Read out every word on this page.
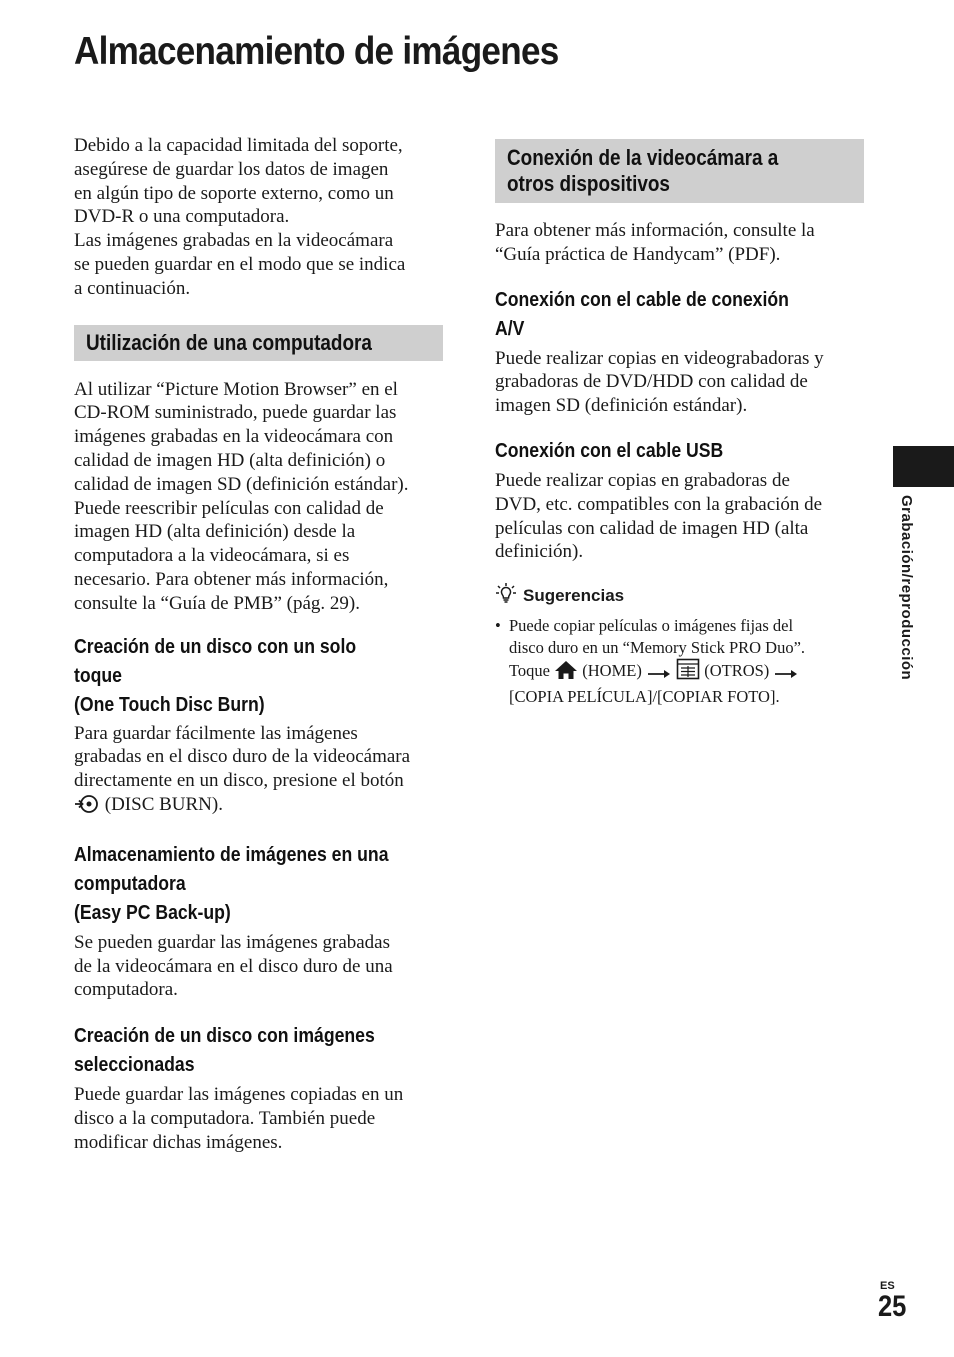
Almacenamiento de imágenes
Debido a la capacidad limitada del soporte,
asegúrese de guardar los datos de imagen
en algún tipo de soporte externo, como un
DVD-R o una computadora.
Las imágenes grabadas en la videocámara
se pueden guardar en el modo que se indica
a continuación.
Utilización de una computadora
Al utilizar “Picture Motion Browser” en el
CD-ROM suministrado, puede guardar las
imágenes grabadas en la videocámara con
calidad de imagen HD (alta definición) o
calidad de imagen SD (definición estándar).
Puede reescribir películas con calidad de
imagen HD (alta definición) desde la
computadora a la videocámara, si es
necesario. Para obtener más información,
consulte la “Guía de PMB” (pág. 29).
Creación de un disco con un solo
toque
(One Touch Disc Burn)
Para guardar fácilmente las imágenes
grabadas en el disco duro de la videocámara
directamente en un disco, presione el botón
(DISC BURN).
Almacenamiento de imágenes en una
computadora
(Easy PC Back-up)
Se pueden guardar las imágenes grabadas
de la videocámara en el disco duro de una
computadora.
Creación de un disco con imágenes
seleccionadas
Puede guardar las imágenes copiadas en un
disco a la computadora. También puede
modificar dichas imágenes.
Conexión de la videocámara a
otros dispositivos
Para obtener más información, consulte la
“Guía práctica de Handycam” (PDF).
Conexión con el cable de conexión
A/V
Puede realizar copias en videograbadoras y
grabadoras de DVD/HDD con calidad de
imagen SD (definición estándar).
Conexión con el cable USB
Puede realizar copias en grabadoras de
DVD, etc. compatibles con la grabación de
películas con calidad de imagen HD (alta
definición).
Sugerencias
• Puede copiar películas o imágenes fijas del
disco duro en un “Memory Stick PRO Duo”.
Toque (HOME)	(OTROS)
[COPIA PELÍCULA]/[COPIAR FOTO].
Grabación/reproducción
ES
25
